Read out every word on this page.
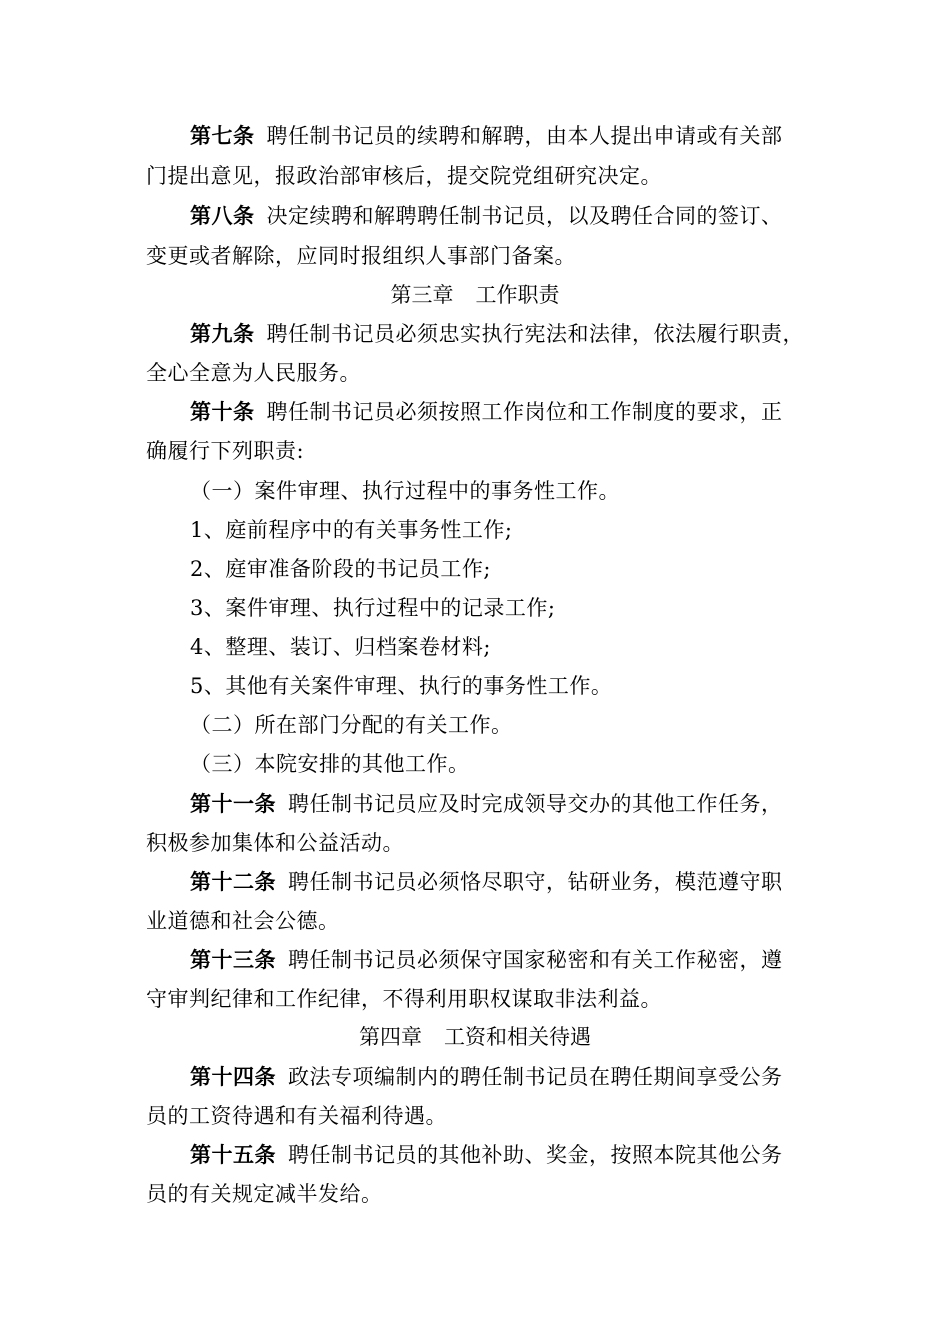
第七条 聘任制书记员的续聘和解聘，由本人提出申请或有关部
门提出意见，报政治部审核后，提交院党组研究决定。
第八条 决定续聘和解聘聘任制书记员，以及聘任合同的签订、
变更或者解除，应同时报组织人事部门备案。
第三章 工作职责
第九条 聘任制书记员必须忠实执行宪法和法律，依法履行职责，
全心全意为人民服务。
第十条 聘任制书记员必须按照工作岗位和工作制度的要求，正
确履行下列职责:
（一）案件审理、执行过程中的事务性工作。
1、庭前程序中的有关事务性工作;
2、庭审准备阶段的书记员工作;
3、案件审理、执行过程中的记录工作;
4、整理、装订、归档案卷材料;
5、其他有关案件审理、执行的事务性工作。
（二）所在部门分配的有关工作。
（三）本院安排的其他工作。
第十一条 聘任制书记员应及时完成领导交办的其他工作任务，
积极参加集体和公益活动。
第十二条 聘任制书记员必须恪尽职守，钻研业务，模范遵守职
业道德和社会公德。
第十三条 聘任制书记员必须保守国家秘密和有关工作秘密，遵
守审判纪律和工作纪律，不得利用职权谋取非法利益。
第四章 工资和相关待遇
第十四条 政法专项编制内的聘任制书记员在聘任期间享受公务
员的工资待遇和有关福利待遇。
第十五条 聘任制书记员的其他补助、奖金，按照本院其他公务
员的有关规定减半发给。
